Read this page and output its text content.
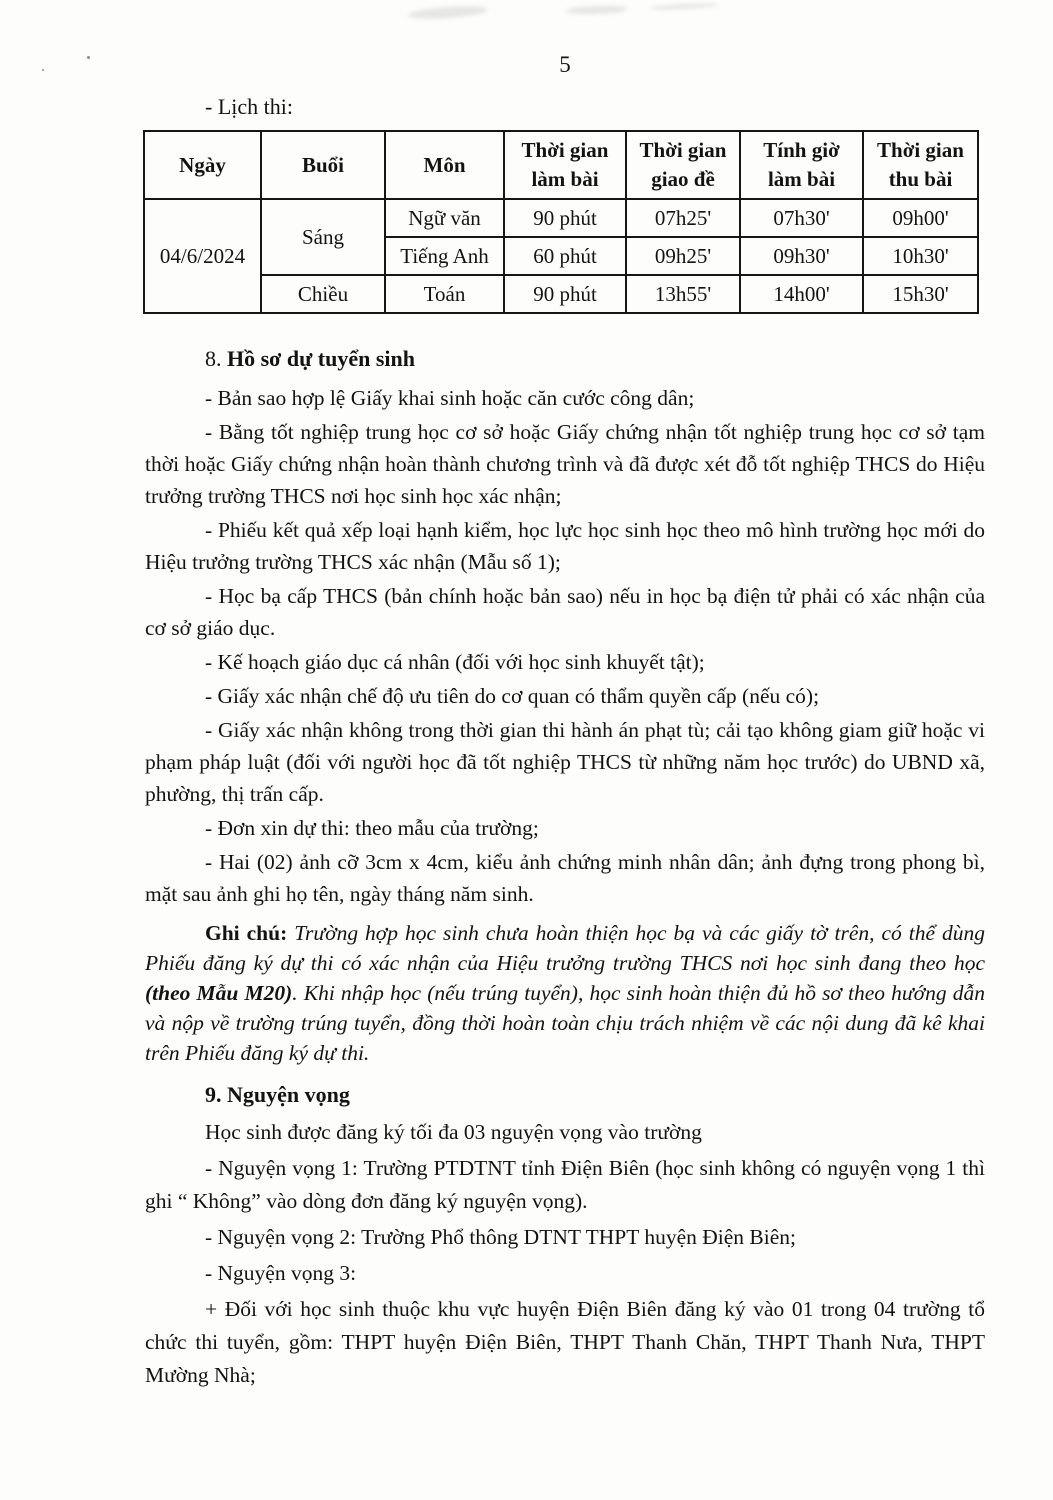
5
- Lịch thi:
Ngày	Buổi	Môn	Thời gian làm bài	Thời gian giao đề	Tính giờ làm bài	Thời gian thu bài
04/6/2024	Sáng	Ngữ văn	90 phút	07h25'	07h30'	09h00'
		Tiếng Anh	60 phút	09h25'	09h30'	10h30'
	Chiều	Toán	90 phút	13h55'	14h00'	15h30'

8. Hồ sơ dự tuyển sinh

- Bản sao hợp lệ Giấy khai sinh hoặc căn cước công dân;

- Bằng tốt nghiệp trung học cơ sở hoặc Giấy chứng nhận tốt nghiệp trung học cơ sở tạm thời hoặc Giấy chứng nhận hoàn thành chương trình và đã được xét đỗ tốt nghiệp THCS do Hiệu trưởng trường THCS nơi học sinh học xác nhận;

- Phiếu kết quả xếp loại hạnh kiểm, học lực học sinh học theo mô hình trường học mới do Hiệu trưởng trường THCS xác nhận (Mẫu số 1);

- Học bạ cấp THCS (bản chính hoặc bản sao) nếu in học bạ điện tử phải có xác nhận của cơ sở giáo dục.

- Kế hoạch giáo dục cá nhân (đối với học sinh khuyết tật);

- Giấy xác nhận chế độ ưu tiên do cơ quan có thẩm quyền cấp (nếu có);

- Giấy xác nhận không trong thời gian thi hành án phạt tù; cải tạo không giam giữ hoặc vi phạm pháp luật (đối với người học đã tốt nghiệp THCS từ những năm học trước) do UBND xã, phường, thị trấn cấp.

- Đơn xin dự thi: theo mẫu của trường;

- Hai (02) ảnh cỡ 3cm x 4cm, kiểu ảnh chứng minh nhân dân; ảnh đựng trong phong bì, mặt sau ảnh ghi họ tên, ngày tháng năm sinh.

Ghi chú: Trường hợp học sinh chưa hoàn thiện học bạ và các giấy tờ trên, có thể dùng Phiếu đăng ký dự thi có xác nhận của Hiệu trưởng trường THCS nơi học sinh đang theo học (theo Mẫu M20). Khi nhập học (nếu trúng tuyển), học sinh hoàn thiện đủ hồ sơ theo hướng dẫn và nộp về trường trúng tuyển, đồng thời hoàn toàn chịu trách nhiệm về các nội dung đã kê khai trên Phiếu đăng ký dự thi.

9. Nguyện vọng

Học sinh được đăng ký tối đa 03 nguyện vọng vào trường

- Nguyện vọng 1: Trường PTDTNT tỉnh Điện Biên (học sinh không có nguyện vọng 1 thì ghi “ Không” vào dòng đơn đăng ký nguyện vọng).

- Nguyện vọng 2: Trường Phổ thông DTNT THPT huyện Điện Biên;

- Nguyện vọng 3:

+ Đối với học sinh thuộc khu vực huyện Điện Biên đăng ký vào 01 trong 04 trường tổ chức thi tuyển, gồm: THPT huyện Điện Biên, THPT Thanh Chăn, THPT Thanh Nưa, THPT Mường Nhà;
